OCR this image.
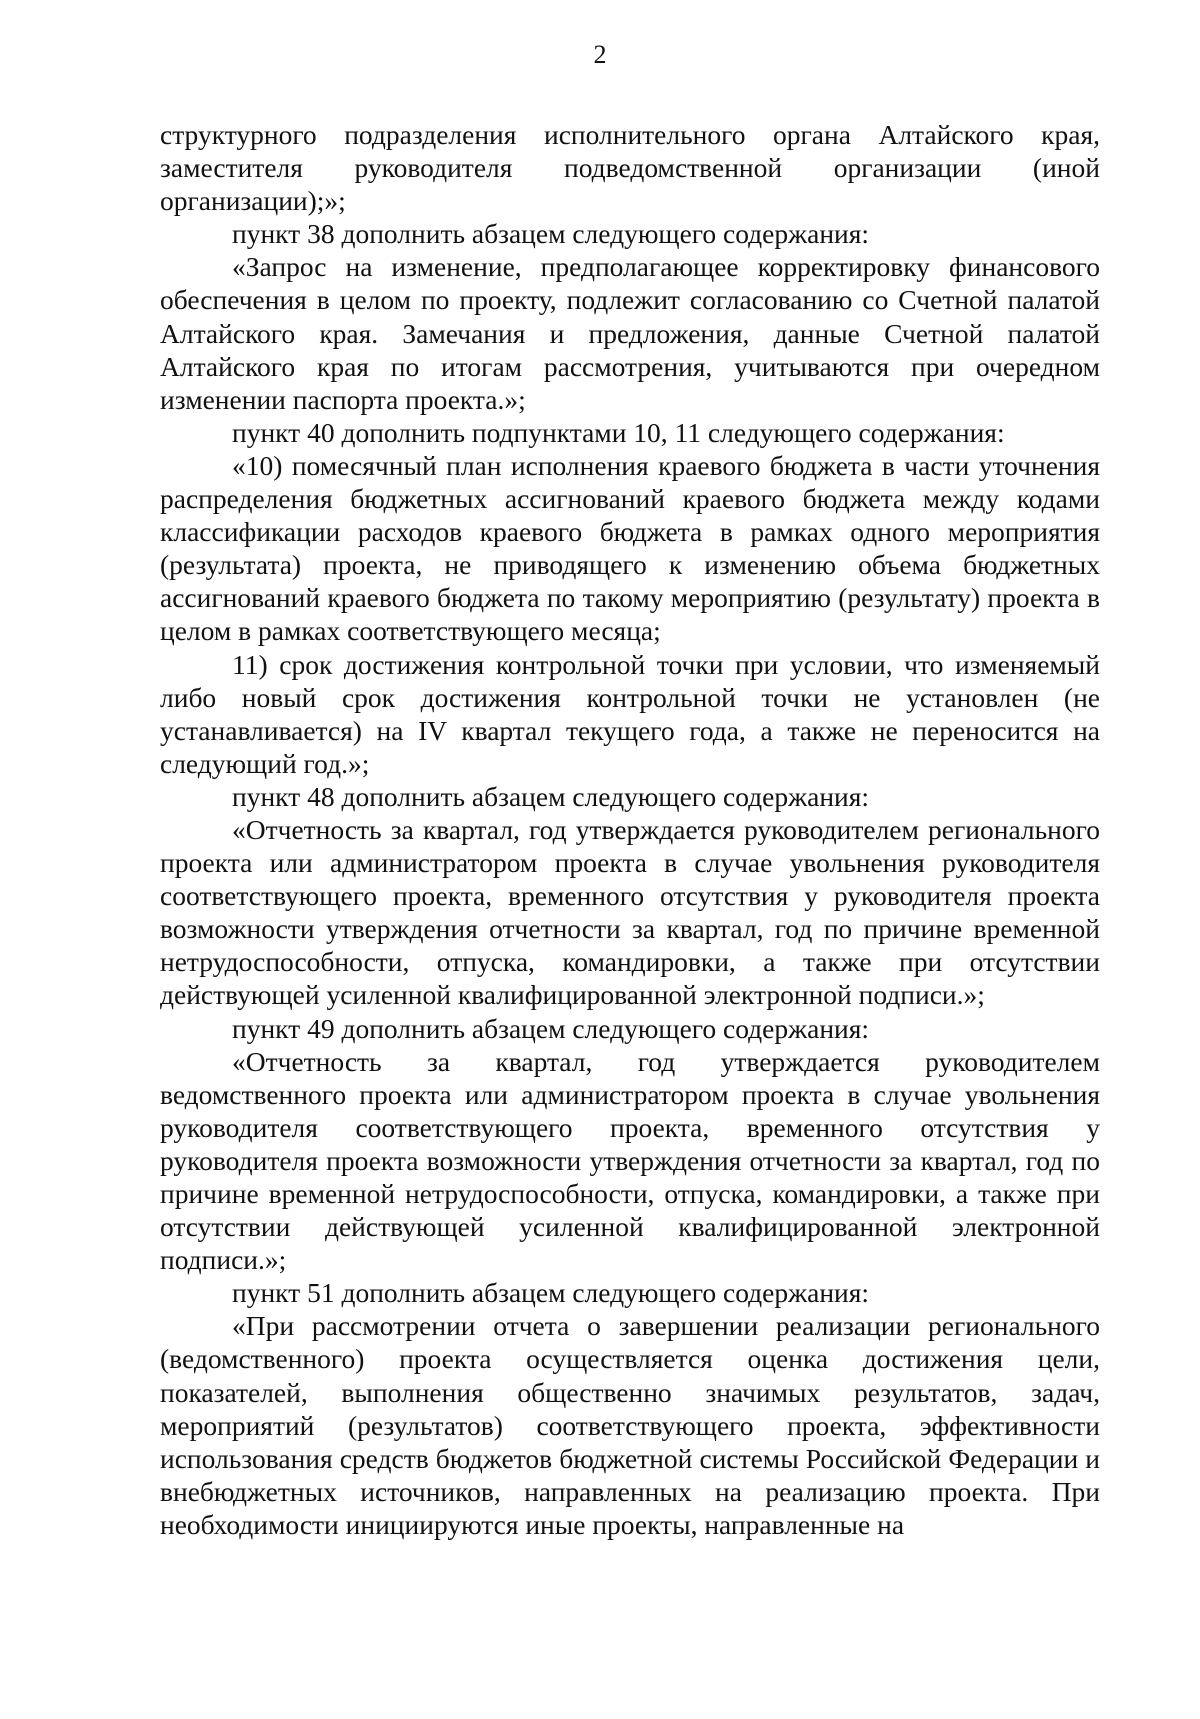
2

структурного подразделения исполнительного органа Алтайского края, заместителя руководителя подведомственной организации (иной организации);»;

пункт 38 дополнить абзацем следующего содержания:

«Запрос на изменение, предполагающее корректировку финансового обеспечения в целом по проекту, подлежит согласованию со Счетной палатой Алтайского края. Замечания и предложения, данные Счетной палатой Алтайского края по итогам рассмотрения, учитываются при очередном изменении паспорта проекта.»;

пункт 40 дополнить подпунктами 10, 11 следующего содержания:

«10) помесячный план исполнения краевого бюджета в части уточнения распределения бюджетных ассигнований краевого бюджета между кодами классификации расходов краевого бюджета в рамках одного мероприятия (результата) проекта, не приводящего к изменению объема бюджетных ассигнований краевого бюджета по такому мероприятию (результату) проекта в целом в рамках соответствующего месяца;

11) срок достижения контрольной точки при условии, что изменяемый либо новый срок достижения контрольной точки не установлен (не устанавливается) на IV квартал текущего года, а также не переносится на следующий год.»;

пункт 48 дополнить абзацем следующего содержания:

«Отчетность за квартал, год утверждается руководителем регионального проекта или администратором проекта в случае увольнения руководителя соответствующего проекта, временного отсутствия у руководителя проекта возможности утверждения отчетности за квартал, год по причине временной нетрудоспособности, отпуска, командировки, а также при отсутствии действующей усиленной квалифицированной электронной подписи.»;

пункт 49 дополнить абзацем следующего содержания:

«Отчетность за квартал, год утверждается руководителем ведомственного проекта или администратором проекта в случае увольнения руководителя соответствующего проекта, временного отсутствия у руководителя проекта возможности утверждения отчетности за квартал, год по причине временной нетрудоспособности, отпуска, командировки, а также при отсутствии действующей усиленной квалифицированной электронной подписи.»;

пункт 51 дополнить абзацем следующего содержания:

«При рассмотрении отчета о завершении реализации регионального (ведомственного) проекта осуществляется оценка достижения цели, показателей, выполнения общественно значимых результатов, задач, мероприятий (результатов) соответствующего проекта, эффективности использования средств бюджетов бюджетной системы Российской Федерации и внебюджетных источников, направленных на реализацию проекта. При необходимости инициируются иные проекты, направленные на
